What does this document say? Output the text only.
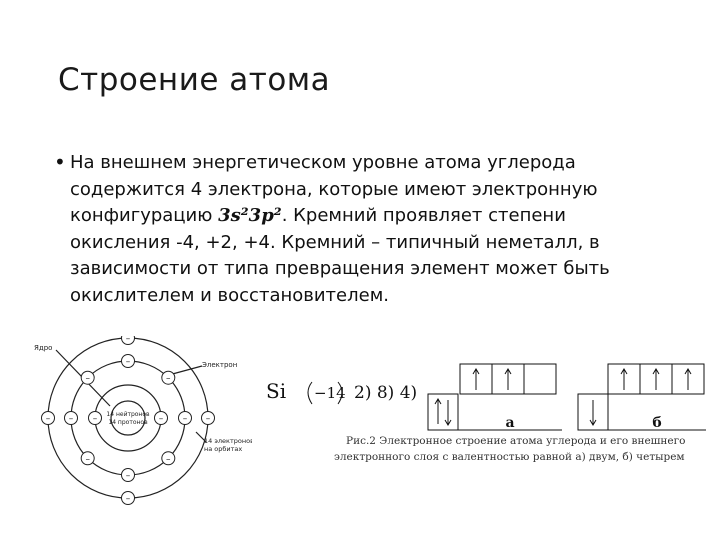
Строение атома
• На внешнем энергетическом уровне атома углерода содержится 4 электрона, которые имеют электронную конфигурацию 3s²3p². Кремний проявляет степени окисления -4, +2, +4. Кремний – типичный неметалл, в зависимости от типа превращения элемент может быть окислителем и восстановителем.

Ядро
Электрон
14 нейтронов
14 протонов
14 электронов
на орбитах
–
–
–
–
–
–
–
–
–
–
–
–
–
–
Si −14 2) 8) 4)
а	б
Рис.2 Электронное строение атома углерода и его внешнего
электронного слоя с валентностью равной а) двум, б) четырем
